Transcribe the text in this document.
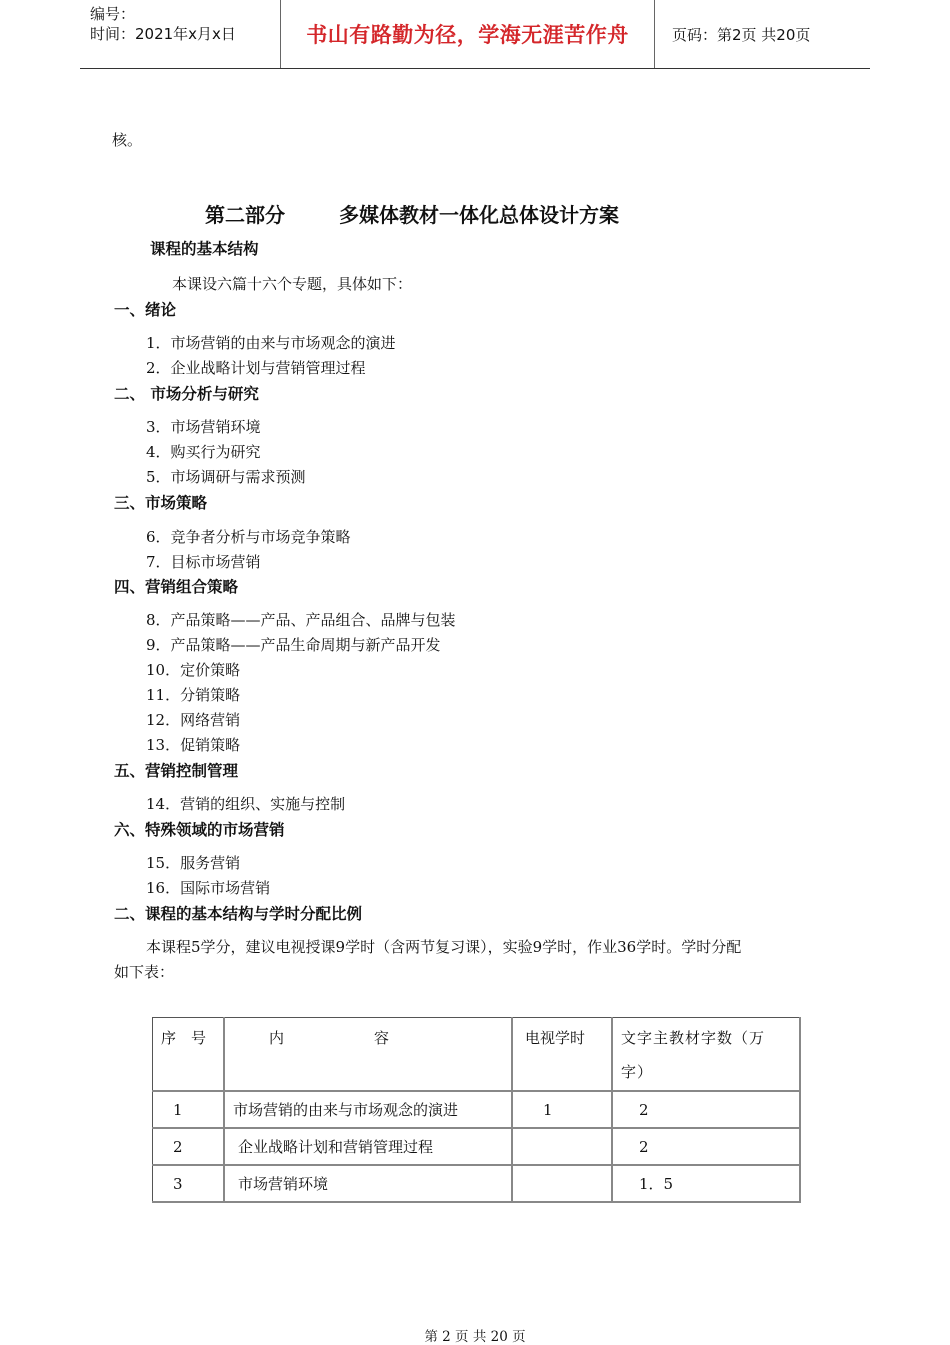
编号：
时间：2021年x月x日	书山有路勤为径，学海无涯苦作舟	页码：第2页 共20页
核。
第二部分	多媒体教材一体化总体设计方案
课程的基本结构
本课设六篇十六个专题，具体如下：
一、绪论
1．市场营销的由来与市场观念的演进
2．企业战略计划与营销管理过程
二、 市场分析与研究
3．市场营销环境
4．购买行为研究
5．市场调研与需求预测
三、市场策略
6．竞争者分析与市场竞争策略
7．目标市场营销
四、营销组合策略
8．产品策略——产品、产品组合、品牌与包装
9．产品策略——产品生命周期与新产品开发
10．定价策略
11．分销策略
12．网络营销
13．促销策略
五、营销控制管理
14．营销的组织、实施与控制
六、特殊领域的市场营销
15．服务营销
16．国际市场营销
二、课程的基本结构与学时分配比例
本课程5学分，建议电视授课9学时（含两节复习课），实验9学时，作业36学时。学时分配
如下表：
序　号	内　　　　　　容	电视学时	文字主教材字数（万
字）

1	市场营销的由来与市场观念的演进	1	2

2	企业战略计划和营销管理过程		2

3	市场营销环境		1．5
第 2 页 共 20 页
